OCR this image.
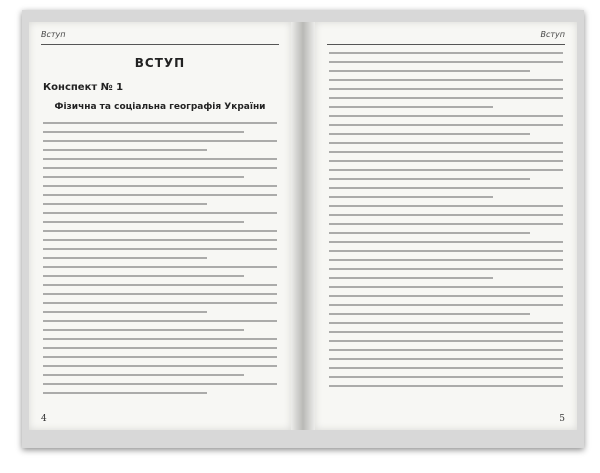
Вступ
ВСТУП
Конспект № 1
Фізична та соціальна географія України
4
Вступ
5
